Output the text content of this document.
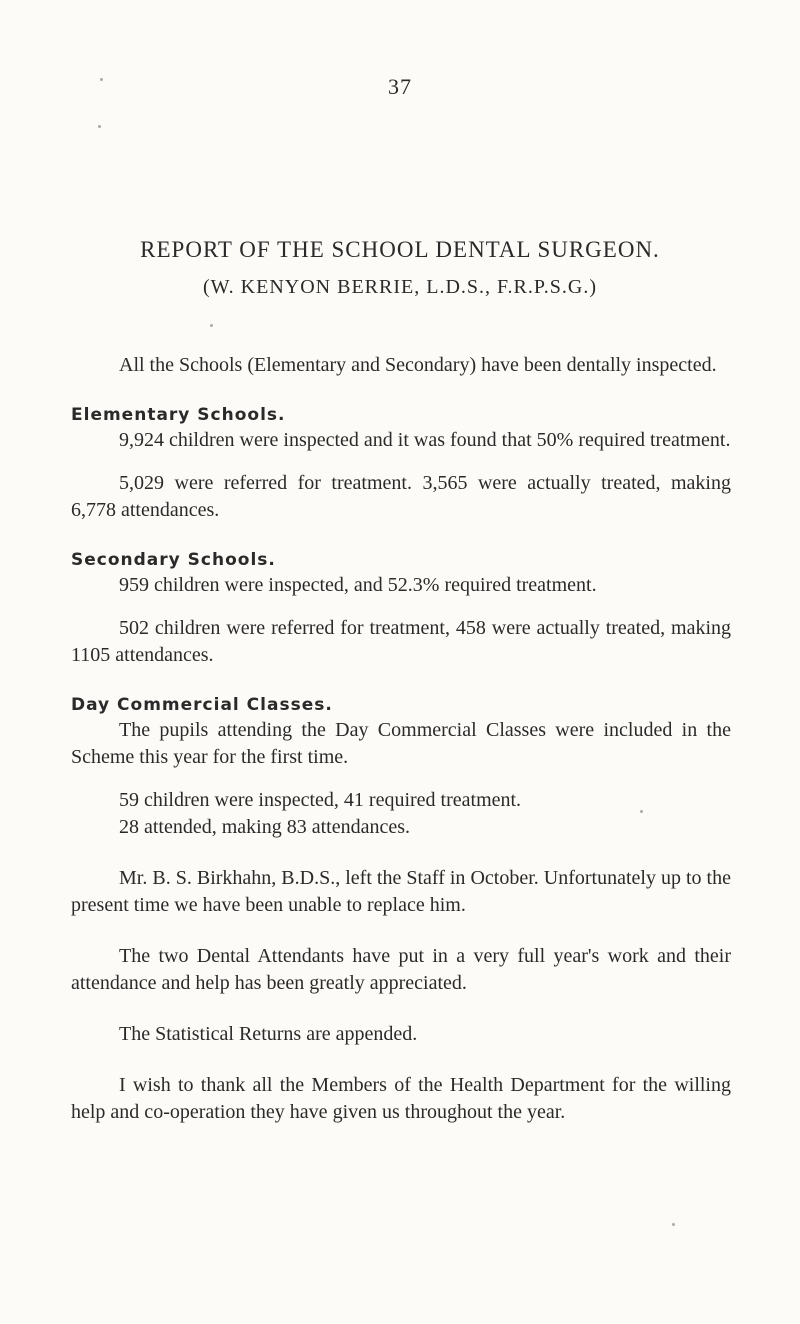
37
REPORT OF THE SCHOOL DENTAL SURGEON.
(W. KENYON BERRIE, L.D.S., F.R.P.S.G.)

All the Schools (Elementary and Secondary) have been dentally inspected.

Elementary Schools.

9,924 children were inspected and it was found that 50% required treatment.

5,029 were referred for treatment. 3,565 were actually treated, making 6,778 attendances.

Secondary Schools.

959 children were inspected, and 52.3% required treatment.

502 children were referred for treatment, 458 were actually treated, making 1105 attendances.

Day Commercial Classes.

The pupils attending the Day Commercial Classes were included in the Scheme this year for the first time.

59 children were inspected, 41 required treatment.

28 attended, making 83 attendances.

Mr. B. S. Birkhahn, B.D.S., left the Staff in October. Unfortunately up to the present time we have been unable to replace him.

The two Dental Attendants have put in a very full year's work and their attendance and help has been greatly appreciated.

The Statistical Returns are appended.

I wish to thank all the Members of the Health Department for the willing help and co-operation they have given us throughout the year.
